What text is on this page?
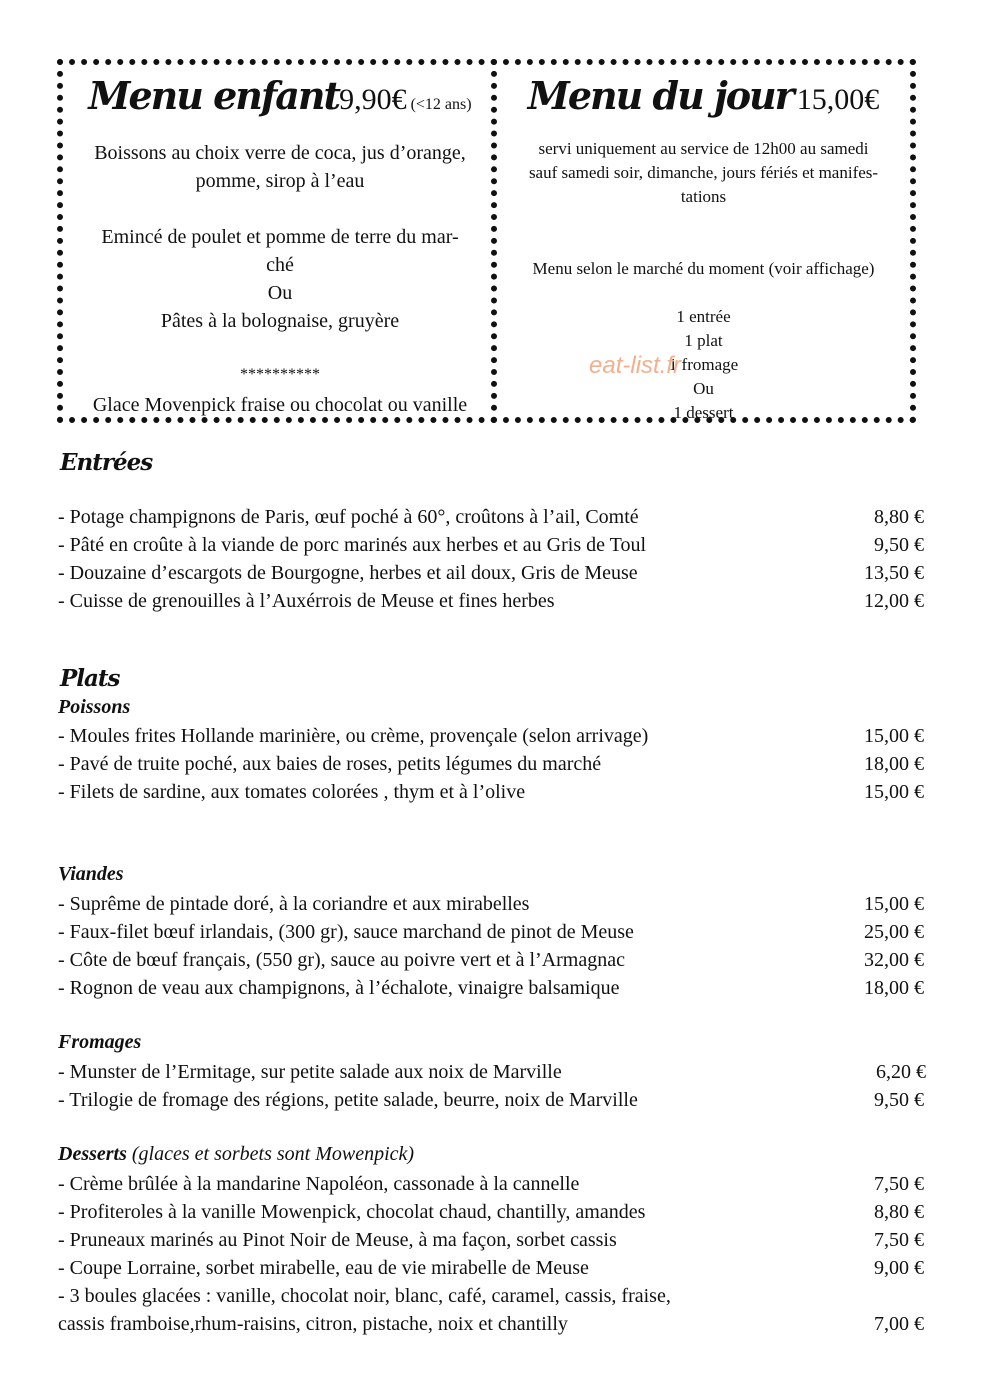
Menu enfant9,90€ (<12 ans)
Boissons au choix verre de coca, jus d’orange,
pomme, sirop à l’eau
Emincé de poulet et pomme de terre du mar-
ché
Ou
Pâtes à la bolognaise, gruyère
**********
Glace Movenpick fraise ou chocolat ou vanille
Menu du jour 15,00€
servi uniquement au service de 12h00 au samedi
sauf samedi soir, dimanche, jours fériés et manifes-
tations
Menu selon le marché du moment (voir affichage)
1 entrée
1 plat
1 fromage
Ou
1 dessert
eat-list.fr
Entrées
- Potage champignons de Paris, œuf poché à 60°, croûtons à l’ail, Comté	8,80 €
- Pâté en croûte à la viande de porc marinés aux herbes et au Gris de Toul	9,50 €
- Douzaine d’escargots de Bourgogne, herbes et ail doux, Gris de Meuse	13,50 €
- Cuisse de grenouilles à l’Auxérrois de Meuse et fines herbes	12,00 €
Plats
Poissons
- Moules frites Hollande marinière, ou crème, provençale (selon arrivage)	15,00 €
- Pavé de truite poché, aux baies de roses, petits légumes du marché	18,00 €
- Filets de sardine, aux tomates colorées , thym et à l’olive	15,00 €
Viandes
- Suprême de pintade doré, à la coriandre et aux mirabelles	15,00 €
- Faux-filet bœuf irlandais, (300 gr), sauce marchand de pinot de Meuse	25,00 €
- Côte de bœuf français, (550 gr), sauce au poivre vert et à l’Armagnac	32,00 €
- Rognon de veau aux champignons, à l’échalote, vinaigre balsamique	18,00 €
Fromages
- Munster de l’Ermitage, sur petite salade aux noix de Marville	6,20 €
- Trilogie de fromage des régions, petite salade, beurre, noix de Marville	9,50 €
Desserts (glaces et sorbets sont Mowenpick)
- Crème brûlée à la mandarine Napoléon, cassonade à la cannelle	7,50 €
- Profiteroles à la vanille Mowenpick, chocolat chaud, chantilly, amandes	8,80 €
- Pruneaux marinés au Pinot Noir de Meuse, à ma façon, sorbet cassis	7,50 €
- Coupe Lorraine, sorbet mirabelle, eau de vie mirabelle de Meuse	9,00 €
- 3 boules glacées : vanille, chocolat noir, blanc, café, caramel, cassis, fraise,
cassis framboise,rhum-raisins, citron, pistache, noix et chantilly	7,00 €
